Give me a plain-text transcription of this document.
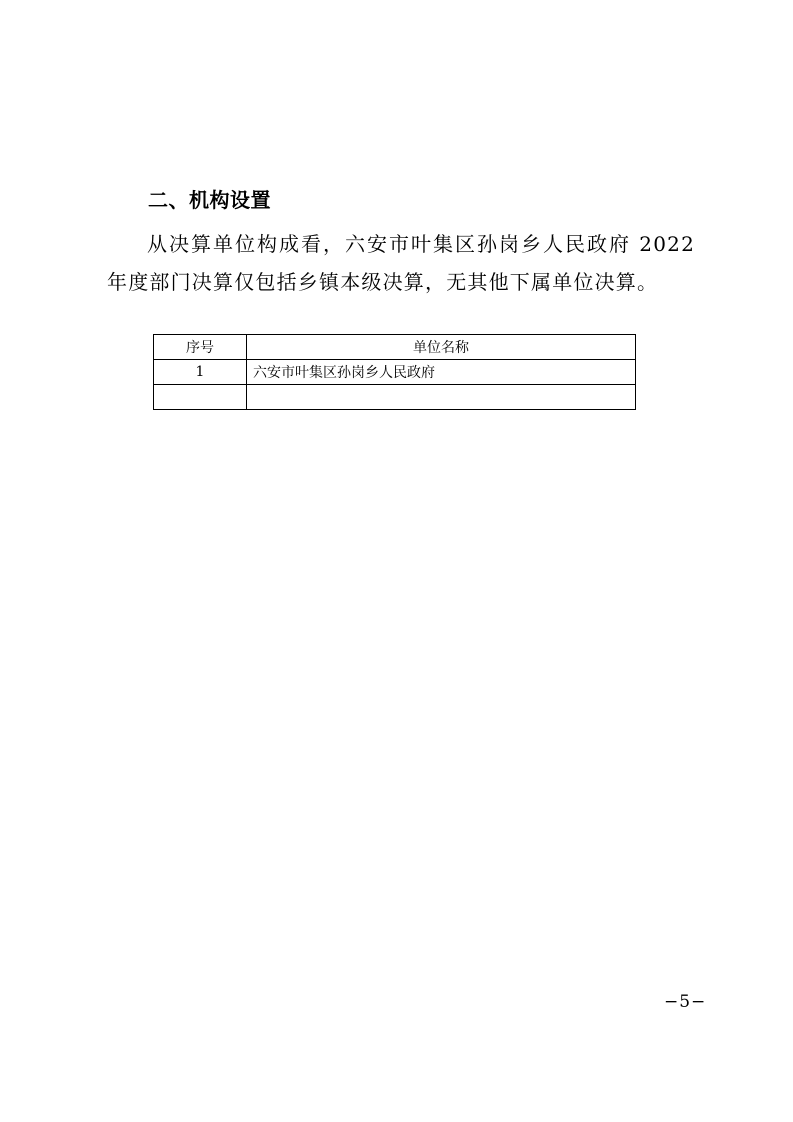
二、机构设置

从决算单位构成看，六安市叶集区孙岗乡人民政府 2022 年度部门决算仅包括乡镇本级决算，无其他下属单位决算。

序号	单位名称
1	六安市叶集区孙岗乡人民政府

−5−
